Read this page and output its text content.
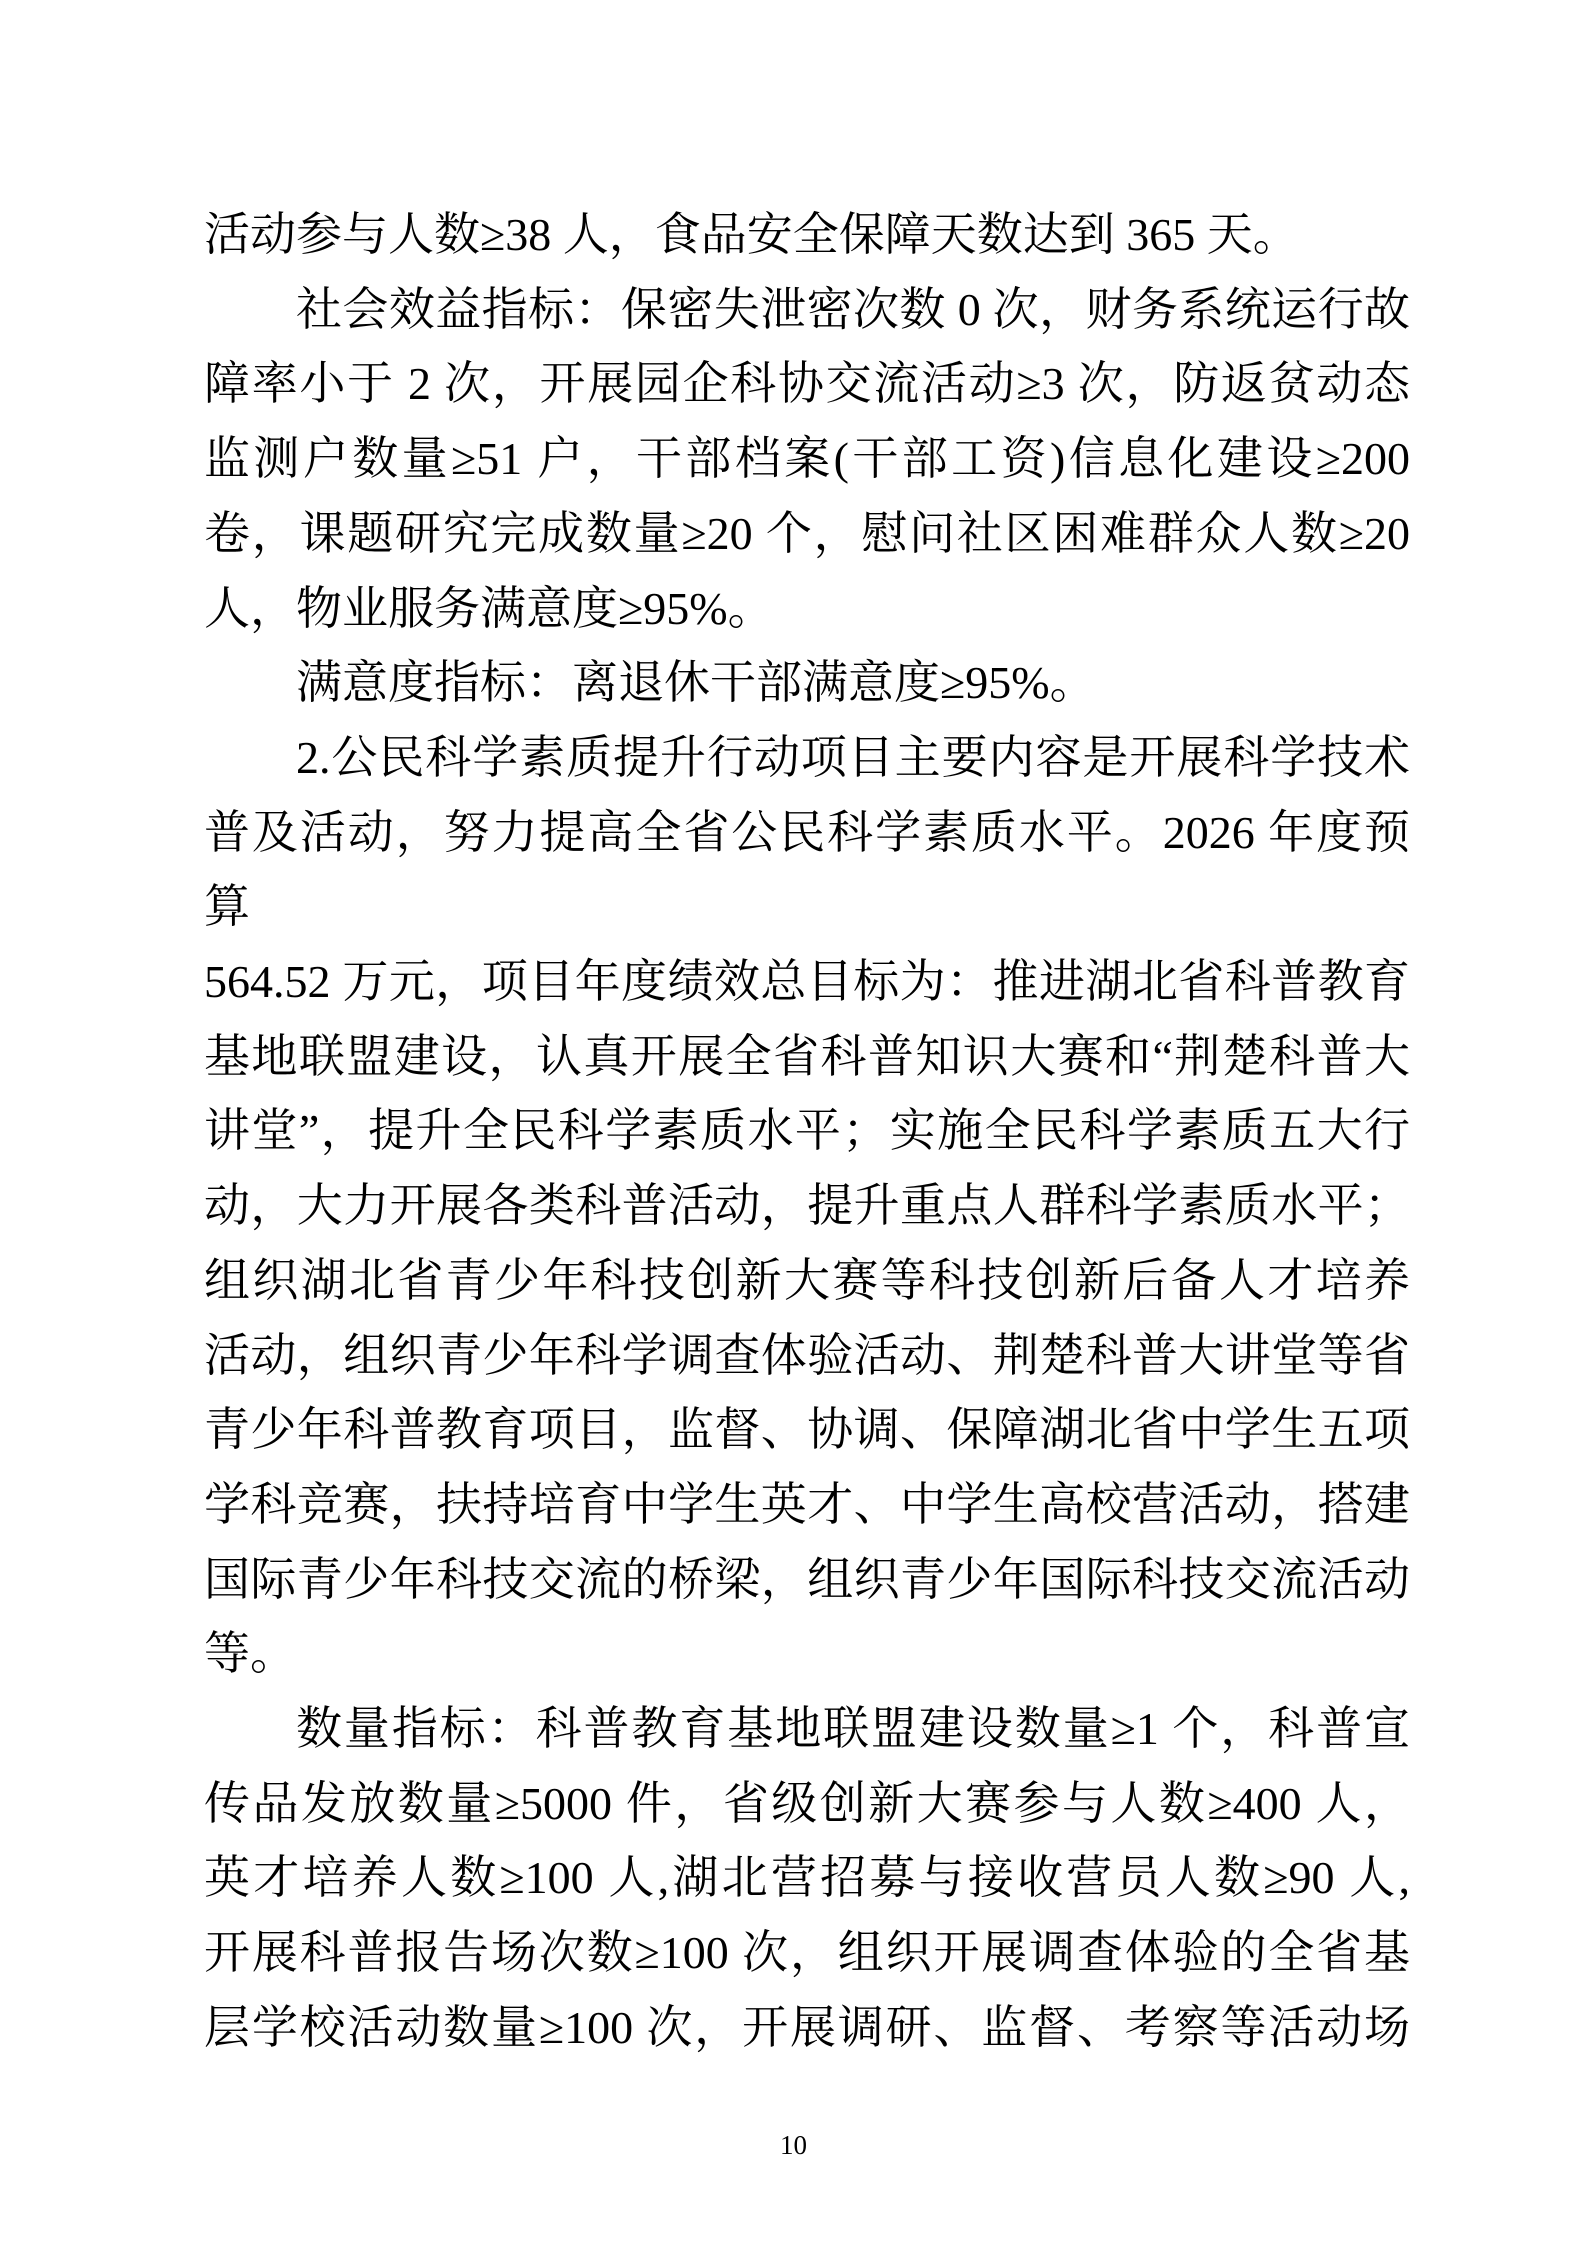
活动参与人数≥38 人，食品安全保障天数达到 365 天。
社会效益指标：保密失泄密次数 0 次，财务系统运行故
障率小于 2 次，开展园企科协交流活动≥3 次，防返贫动态
监测户数量≥51 户，干部档案(干部工资)信息化建设≥200
卷，课题研究完成数量≥20 个，慰问社区困难群众人数≥20
人，物业服务满意度≥95%。
满意度指标：离退休干部满意度≥95%。
2.公民科学素质提升行动项目主要内容是开展科学技术
普及活动，努力提高全省公民科学素质水平。2026 年度预算
564.52 万元，项目年度绩效总目标为：推进湖北省科普教育
基地联盟建设，认真开展全省科普知识大赛和“荆楚科普大
讲堂”，提升全民科学素质水平；实施全民科学素质五大行
动，大力开展各类科普活动，提升重点人群科学素质水平；
组织湖北省青少年科技创新大赛等科技创新后备人才培养
活动，组织青少年科学调查体验活动、荆楚科普大讲堂等省
青少年科普教育项目，监督、协调、保障湖北省中学生五项
学科竞赛，扶持培育中学生英才、中学生高校营活动，搭建
国际青少年科技交流的桥梁，组织青少年国际科技交流活动
等。
数量指标：科普教育基地联盟建设数量≥1 个，科普宣
传品发放数量≥5000 件，省级创新大赛参与人数≥400 人，
英才培养人数≥100 人,湖北营招募与接收营员人数≥90 人,
开展科普报告场次数≥100 次，组织开展调查体验的全省基
层学校活动数量≥100 次，开展调研、监督、考察等活动场
10
